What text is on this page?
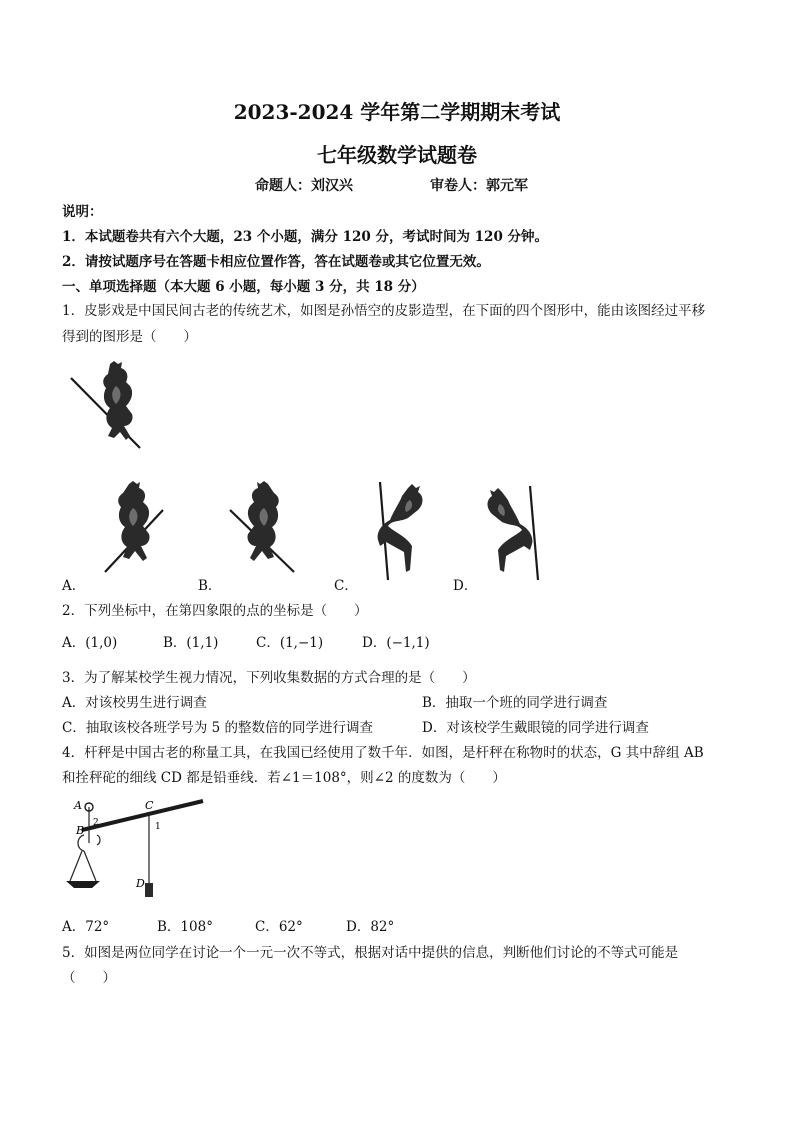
2023-2024 学年第二学期期末考试
七年级数学试题卷
命题人：刘汉兴	审卷人：郭元军
说明：
1．本试题卷共有六个大题，23 个小题，满分 120 分，考试时间为 120 分钟。
2．请按试题序号在答题卡相应位置作答，答在试题卷或其它位置无效。
一、单项选择题（本大题 6 小题，每小题 3 分，共 18 分）
1．皮影戏是中国民间古老的传统艺术，如图是孙悟空的皮影造型，在下面的四个图形中，能由该图经过平移
得到的图形是（　　）
A．	B．	C．	D．
2．下列坐标中，在第四象限的点的坐标是（　　）
A．(1,0)	B．(1,1)	C．(1,−1)	D．(−1,1)
3．为了解某校学生视力情况，下列收集数据的方式合理的是（　　）
A．对该校男生进行调查	B．抽取一个班的同学进行调查
C．抽取该校各班学号为 5 的整数倍的同学进行调查	D．对该校学生戴眼镜的同学进行调查
4．杆秤是中国古老的称量工具，在我国已经使用了数千年．如图，是杆秤在称物时的状态，G 其中辞组 AB
和拴秤砣的细线 CD 都是铅垂线．若∠1＝108°，则∠2 的度数为（　　）
A
B
2
C
1
D
A．72°	B．108°	C．62°	D．82°
5．如图是两位同学在讨论一个一元一次不等式，根据对话中提供的信息，判断他们讨论的不等式可能是
（　　）
